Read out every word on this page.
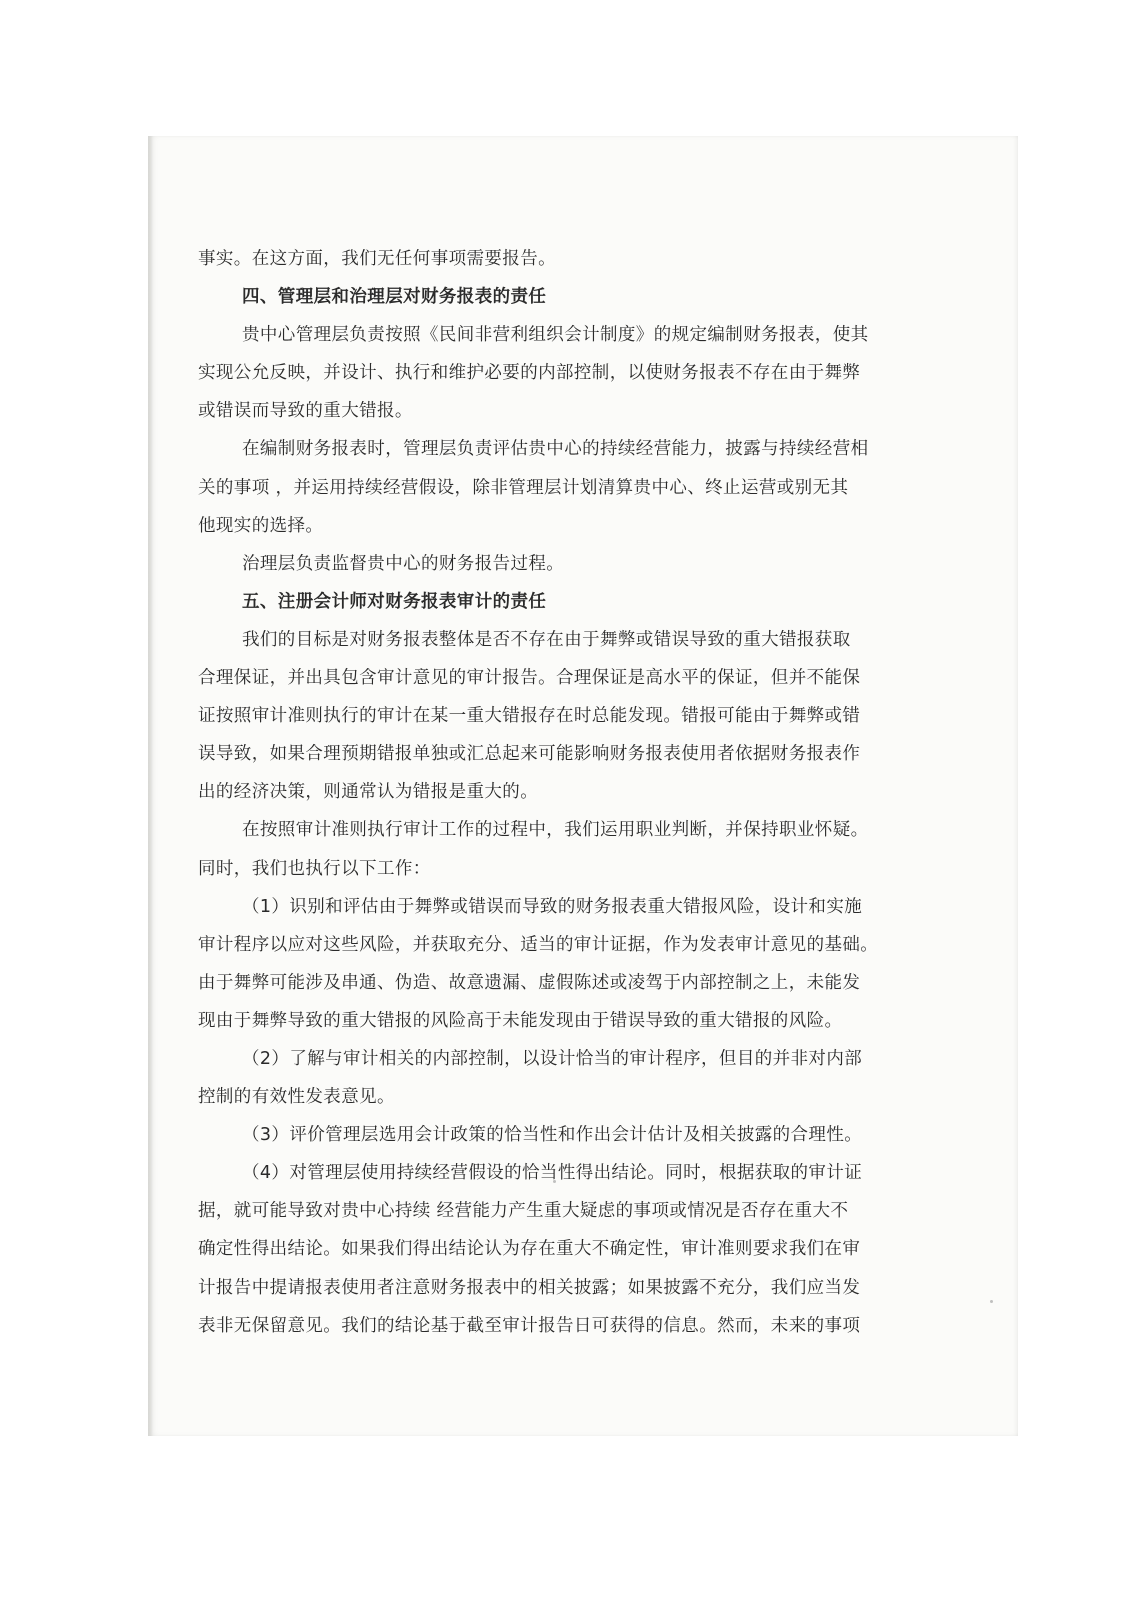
事实。在这方面，我们无任何事项需要报告。
四、管理层和治理层对财务报表的责任
贵中心管理层负责按照《民间非营利组织会计制度》的规定编制财务报表，使其
实现公允反映，并设计、执行和维护必要的内部控制，以使财务报表不存在由于舞弊
或错误而导致的重大错报。
在编制财务报表时，管理层负责评估贵中心的持续经营能力，披露与持续经营相
关的事项 ，并运用持续经营假设，除非管理层计划清算贵中心、终止运营或别无其
他现实的选择。
治理层负责监督贵中心的财务报告过程。
五、注册会计师对财务报表审计的责任
我们的目标是对财务报表整体是否不存在由于舞弊或错误导致的重大错报获取
合理保证，并出具包含审计意见的审计报告。合理保证是高水平的保证，但并不能保
证按照审计准则执行的审计在某一重大错报存在时总能发现。错报可能由于舞弊或错
误导致，如果合理预期错报单独或汇总起来可能影响财务报表使用者依据财务报表作
出的经济决策，则通常认为错报是重大的。
在按照审计准则执行审计工作的过程中，我们运用职业判断，并保持职业怀疑。
同时，我们也执行以下工作：
（1）识别和评估由于舞弊或错误而导致的财务报表重大错报风险，设计和实施
审计程序以应对这些风险，并获取充分、适当的审计证据，作为发表审计意见的基础。
由于舞弊可能涉及串通、伪造、故意遗漏、虚假陈述或凌驾于内部控制之上，未能发
现由于舞弊导致的重大错报的风险高于未能发现由于错误导致的重大错报的风险。
（2）了解与审计相关的内部控制，以设计恰当的审计程序，但目的并非对内部
控制的有效性发表意见。
（3）评价管理层选用会计政策的恰当性和作出会计估计及相关披露的合理性。
（4）对管理层使用持续经营假设的恰当性得出结论。同时，根据获取的审计证
据，就可能导致对贵中心持续 经营能力产生重大疑虑的事项或情况是否存在重大不
确定性得出结论。如果我们得出结论认为存在重大不确定性，审计准则要求我们在审
计报告中提请报表使用者注意财务报表中的相关披露；如果披露不充分，我们应当发
表非无保留意见。我们的结论基于截至审计报告日可获得的信息。然而，未来的事项
